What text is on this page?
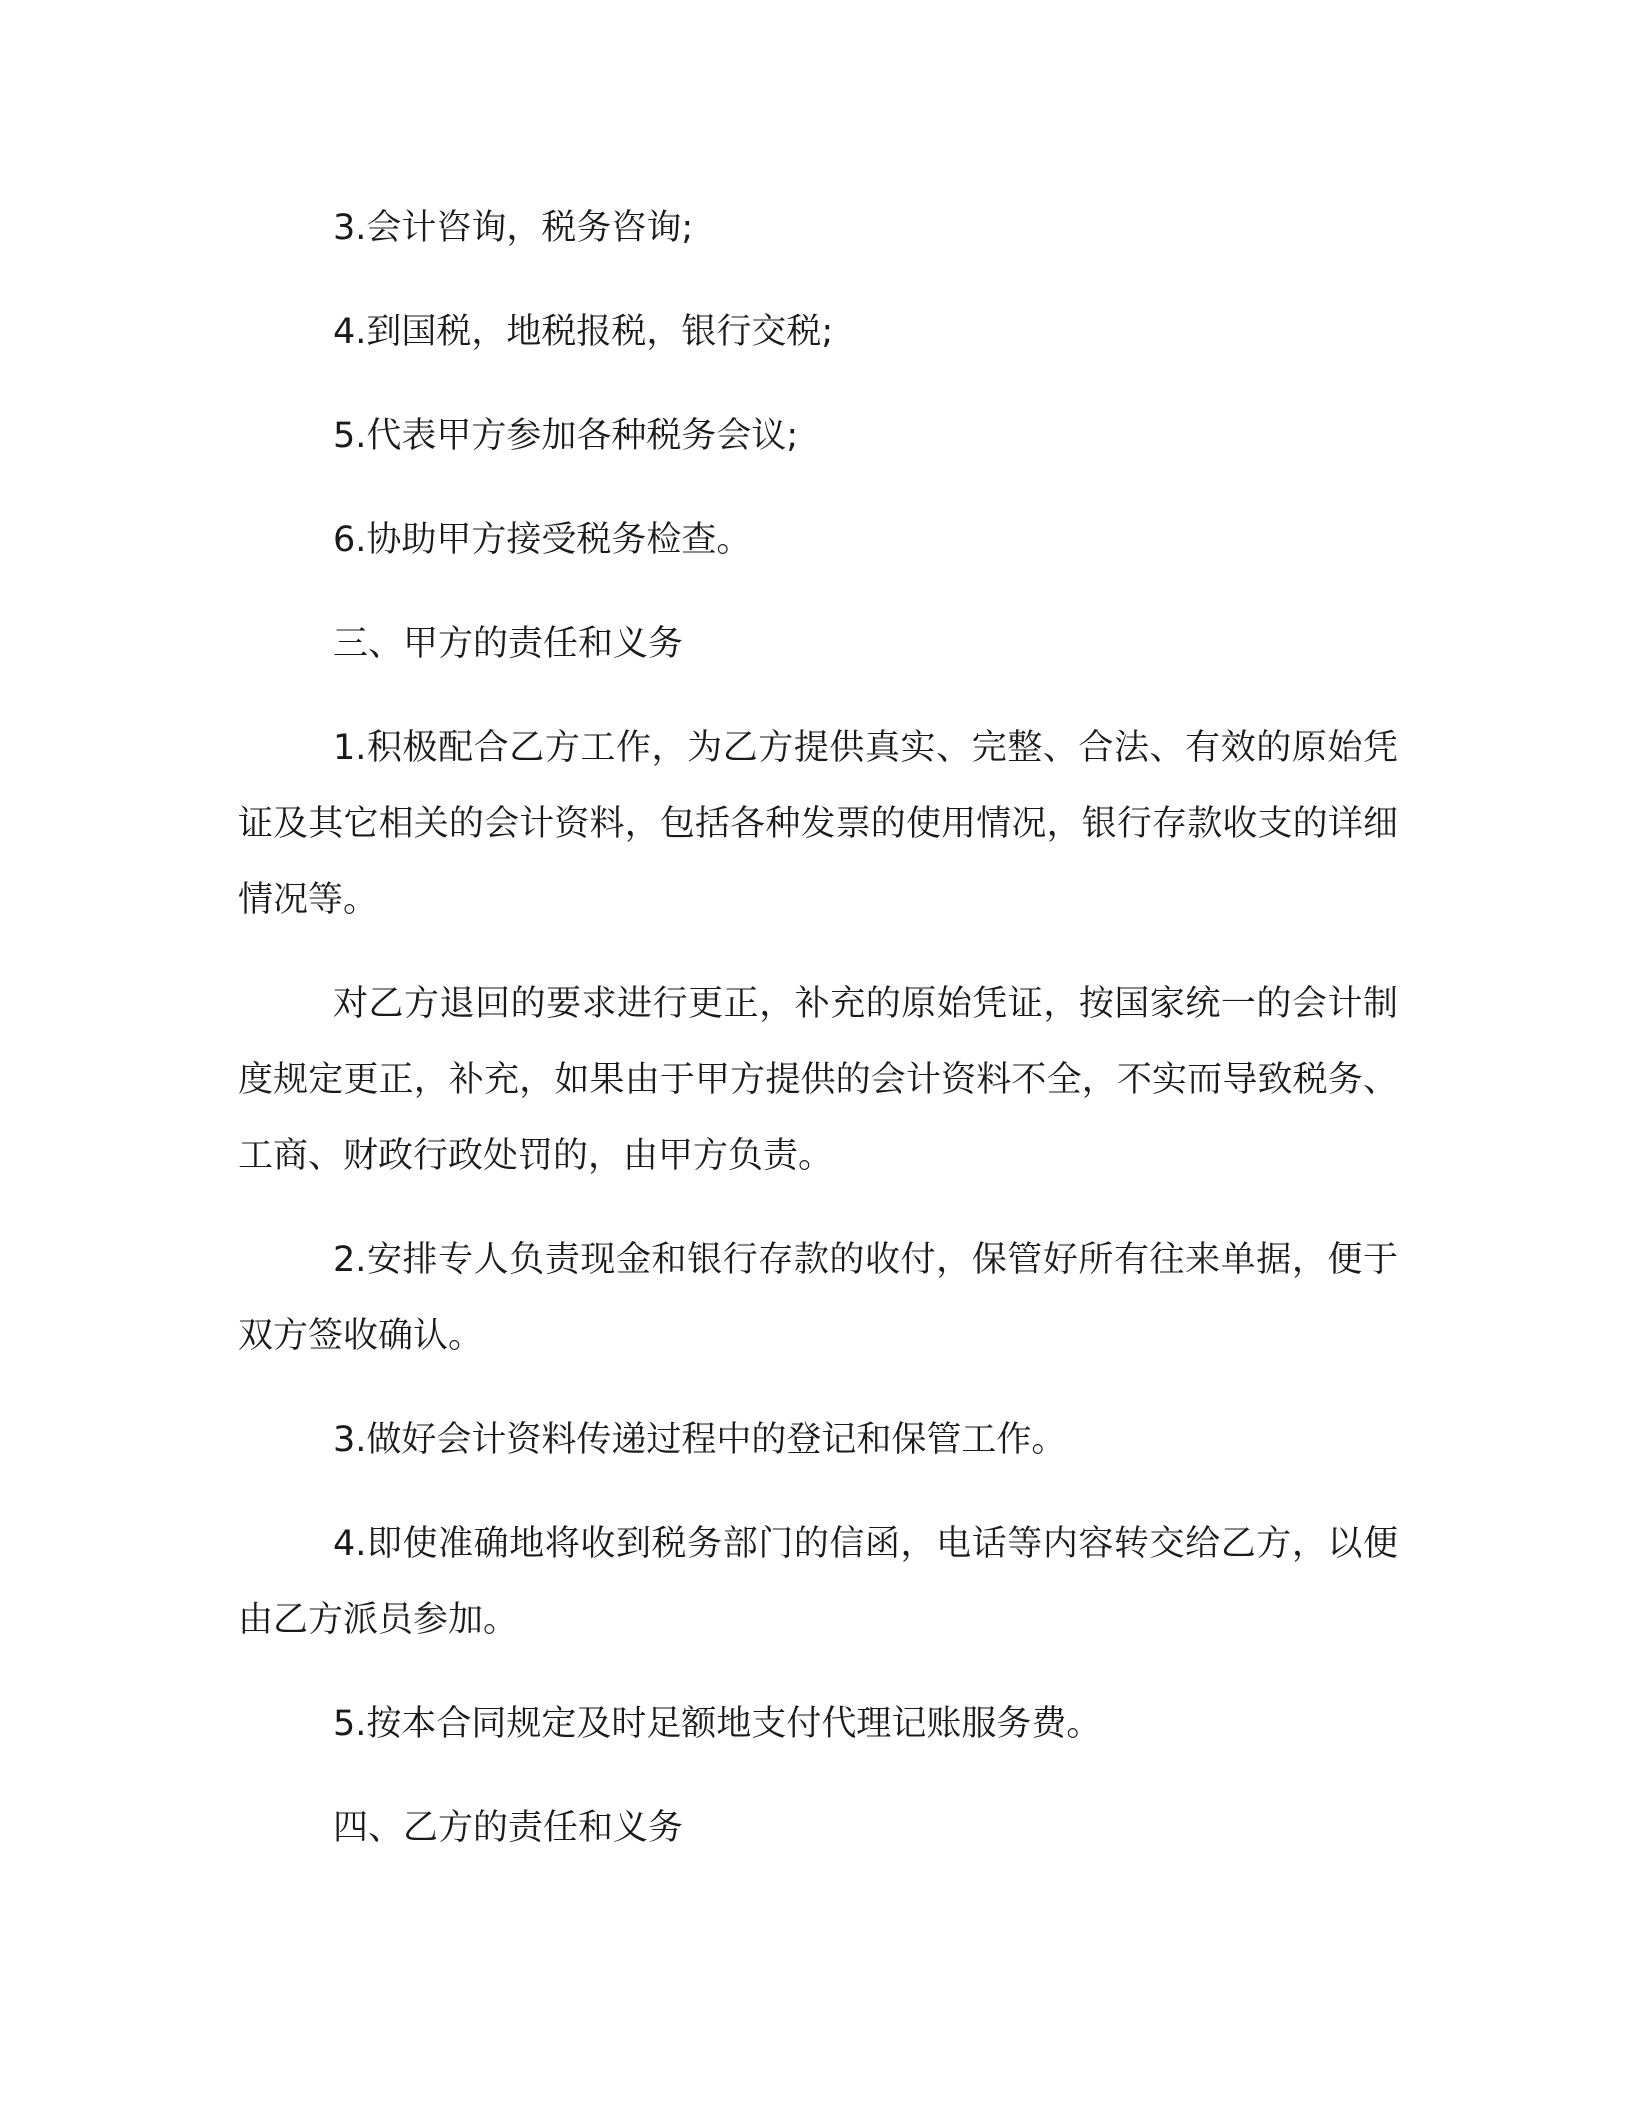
3.会计咨询，税务咨询;

4.到国税，地税报税，银行交税;

5.代表甲方参加各种税务会议;

6.协助甲方接受税务检查。

三、甲方的责任和义务

1.积极配合乙方工作，为乙方提供真实、完整、合法、有效的原始凭证及其它相关的会计资料，包括各种发票的使用情况，银行存款收支的详细情况等。

对乙方退回的要求进行更正，补充的原始凭证，按国家统一的会计制度规定更正，补充，如果由于甲方提供的会计资料不全，不实而导致税务、工商、财政行政处罚的，由甲方负责。

2.安排专人负责现金和银行存款的收付，保管好所有往来单据，便于双方签收确认。

3.做好会计资料传递过程中的登记和保管工作。

4.即使准确地将收到税务部门的信函，电话等内容转交给乙方，以便由乙方派员参加。

5.按本合同规定及时足额地支付代理记账服务费。

四、乙方的责任和义务
